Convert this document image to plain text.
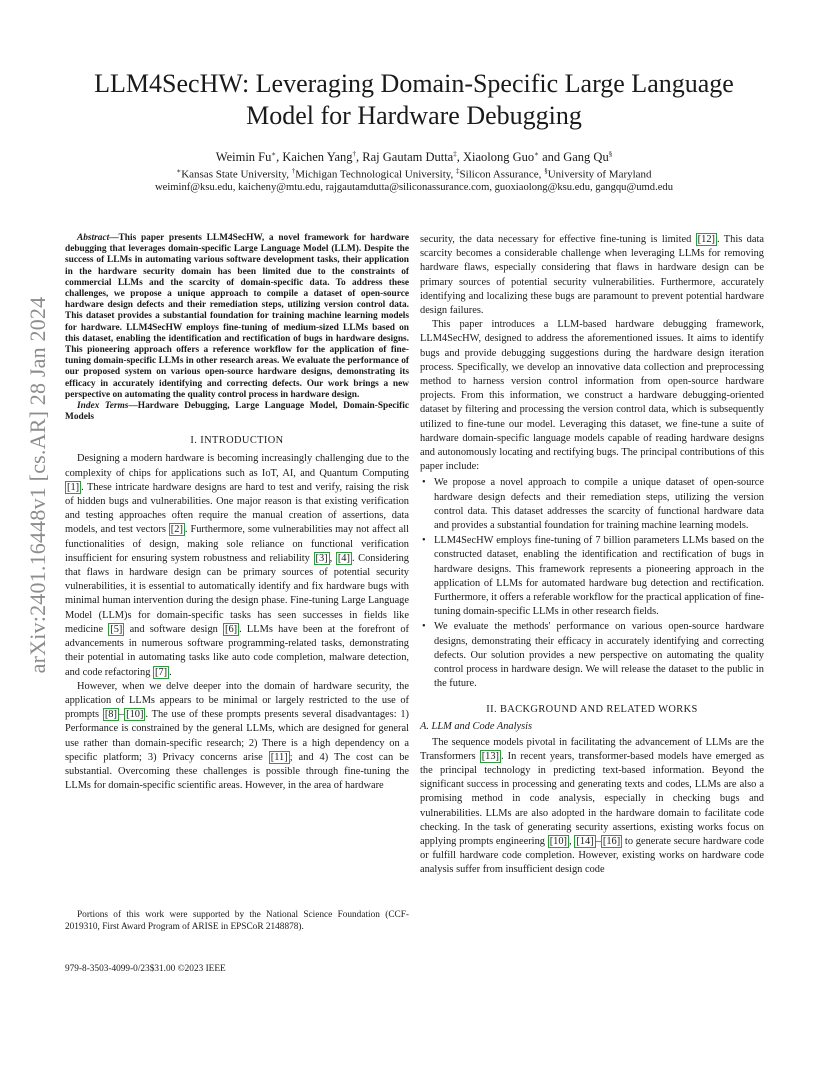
arXiv:2401.16448v1 [cs.AR] 28 Jan 2024
LLM4SecHW: Leveraging Domain-Specific Large Language
Model for Hardware Debugging
Weimin Fu∗, Kaichen Yang†, Raj Gautam Dutta‡, Xiaolong Guo∗ and Gang Qu§
∗Kansas State University, †Michigan Technological University, ‡Silicon Assurance, §University of Maryland
weiminf@ksu.edu, kaicheny@mtu.edu, rajgautamdutta@siliconassurance.com, guoxiaolong@ksu.edu, gangqu@umd.edu

Abstract—This paper presents LLM4SecHW, a novel framework for hardware debugging that leverages domain-specific Large Language Model (LLM). Despite the success of LLMs in automating various software development tasks, their application in the hardware security domain has been limited due to the constraints of commercial LLMs and the scarcity of domain-specific data. To address these challenges, we propose a unique approach to compile a dataset of open-source hardware design defects and their remediation steps, utilizing version control data. This dataset provides a substantial foundation for training machine learning models for hardware. LLM4SecHW employs fine-tuning of medium-sized LLMs based on this dataset, enabling the identification and rectification of bugs in hardware designs. This pioneering approach offers a reference workflow for the application of fine-tuning domain-specific LLMs in other research areas. We evaluate the performance of our proposed system on various open-source hardware designs, demonstrating its efficacy in accurately identifying and correcting defects. Our work brings a new perspective on automating the quality control process in hardware design.

Index Terms—Hardware Debugging, Large Language Model, Domain-Specific Models

I. INTRODUCTION

Designing a modern hardware is becoming increasingly challenging due to the complexity of chips for applications such as IoT, AI, and Quantum Computing [1] . These intricate hardware designs are hard to test and verify, raising the risk of hidden bugs and vulnerabilities. One major reason is that existing verification and testing approaches often require the manual creation of assertions, data models, and test vectors [2] . Furthermore, some vulnerabilities may not affect all functionalities of design, making sole reliance on functional verification insufficient for ensuring system robustness and reliability [3] , [4] . Considering that flaws in hardware design can be primary sources of potential security vulnerabilities, it is essential to automatically identify and fix hardware bugs with minimal human intervention during the design phase. Fine-tuning Large Language Model (LLM)s for domain-specific tasks has seen successes in fields like medicine [5] and software design [6] . LLMs have been at the forefront of advancements in numerous software programming-related tasks, demonstrating their potential in automating tasks like auto code completion, malware detection, and code refactoring [7] .

However, when we delve deeper into the domain of hardware security, the application of LLMs appears to be minimal or largely restricted to the use of prompts [8] – [10] . The use of these prompts presents several disadvantages: 1) Performance is constrained by the general LLMs, which are designed for general use rather than domain-specific research; 2) There is a high dependency on a specific platform; 3) Privacy concerns arise [11] ; and 4) The cost can be substantial. Overcoming these challenges is possible through fine-tuning the LLMs for domain-specific scientific areas. However, in the area of hardware

Portions of this work were supported by the National Science Foundation (CCF-2019310, First Award Program of ARISE in EPSCoR 2148878).
979-8-3503-4099-0/23$31.00 ©2023 IEEE

security, the data necessary for effective fine-tuning is limited [12] . This data scarcity becomes a considerable challenge when leveraging LLMs for removing hardware flaws, especially considering that flaws in hardware design can be primary sources of potential security vulnerabilities. Furthermore, accurately identifying and localizing these bugs are paramount to prevent potential hardware design failures.

This paper introduces a LLM-based hardware debugging framework, LLM4SecHW, designed to address the aforementioned issues. It aims to identify bugs and provide debugging suggestions during the hardware design iteration process. Specifically, we develop an innovative data collection and preprocessing method to harness version control information from open-source hardware projects. From this information, we construct a hardware debugging-oriented dataset by filtering and processing the version control data, which is subsequently utilized to fine-tune our model. Leveraging this dataset, we fine-tune a suite of hardware domain-specific language models capable of reading hardware designs and autonomously locating and rectifying bugs. The principal contributions of this paper include:

• We propose a novel approach to compile a unique dataset of open-source hardware design defects and their remediation steps, utilizing the version control data. This dataset addresses the scarcity of functional hardware data and provides a substantial foundation for training machine learning models.
• LLM4SecHW employs fine-tuning of 7 billion parameters LLMs based on the constructed dataset, enabling the identification and rectification of bugs in hardware designs. This framework represents a pioneering approach in the application of LLMs for automated hardware bug detection and rectification. Furthermore, it offers a referable workflow for the practical application of fine-tuning domain-specific LLMs in other research fields.
• We evaluate the methods' performance on various open-source hardware designs, demonstrating their efficacy in accurately identifying and correcting defects. Our solution provides a new perspective on automating the quality control process in hardware design. We will release the dataset to the public in the future.
II. BACKGROUND AND RELATED WORKS
A. LLM and Code Analysis

The sequence models pivotal in facilitating the advancement of LLMs are the Transformers [13] . In recent years, transformer-based models have emerged as the principal technology in predicting text-based information. Beyond the significant success in processing and generating texts and codes, LLMs are also a promising method in code analysis, especially in checking bugs and vulnerabilities. LLMs are also adopted in the hardware domain to facilitate code checking. In the task of generating security assertions, existing works focus on applying prompts engineering [10] , [14] – [16] to generate secure hardware code or fulfill hardware code completion. However, existing works on hardware code analysis suffer from insufficient design code
